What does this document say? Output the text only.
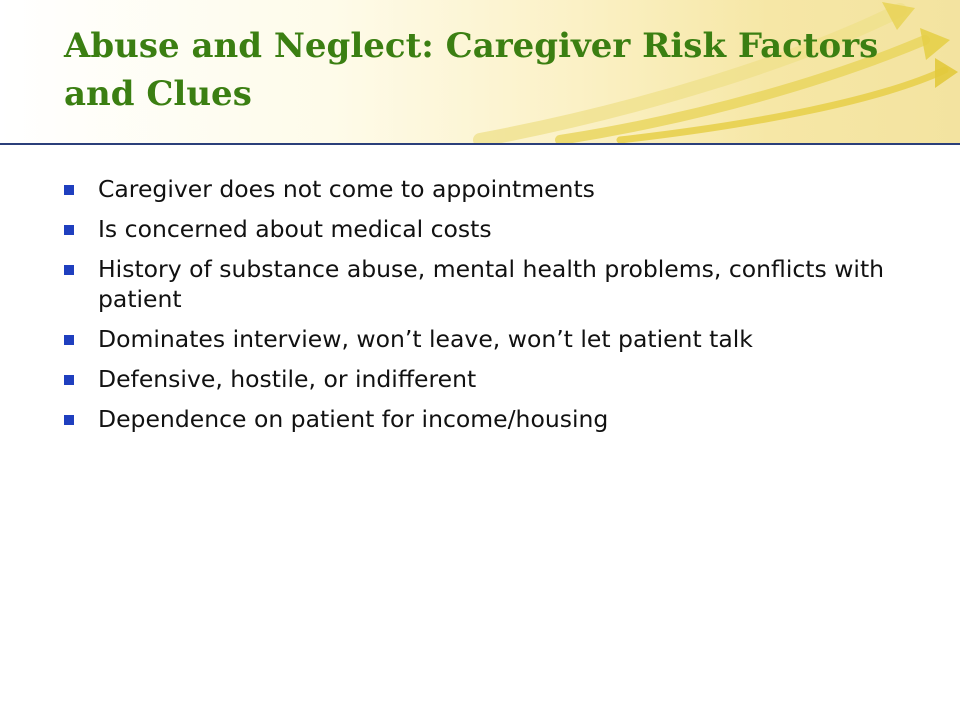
Abuse and Neglect: Caregiver Risk Factors and Clues
Caregiver does not come to appointments
Is concerned about medical costs
History of substance abuse, mental health problems, conflicts with patient
Dominates interview, won’t leave, won’t let patient talk
Defensive, hostile, or indifferent
Dependence on patient for income/housing
